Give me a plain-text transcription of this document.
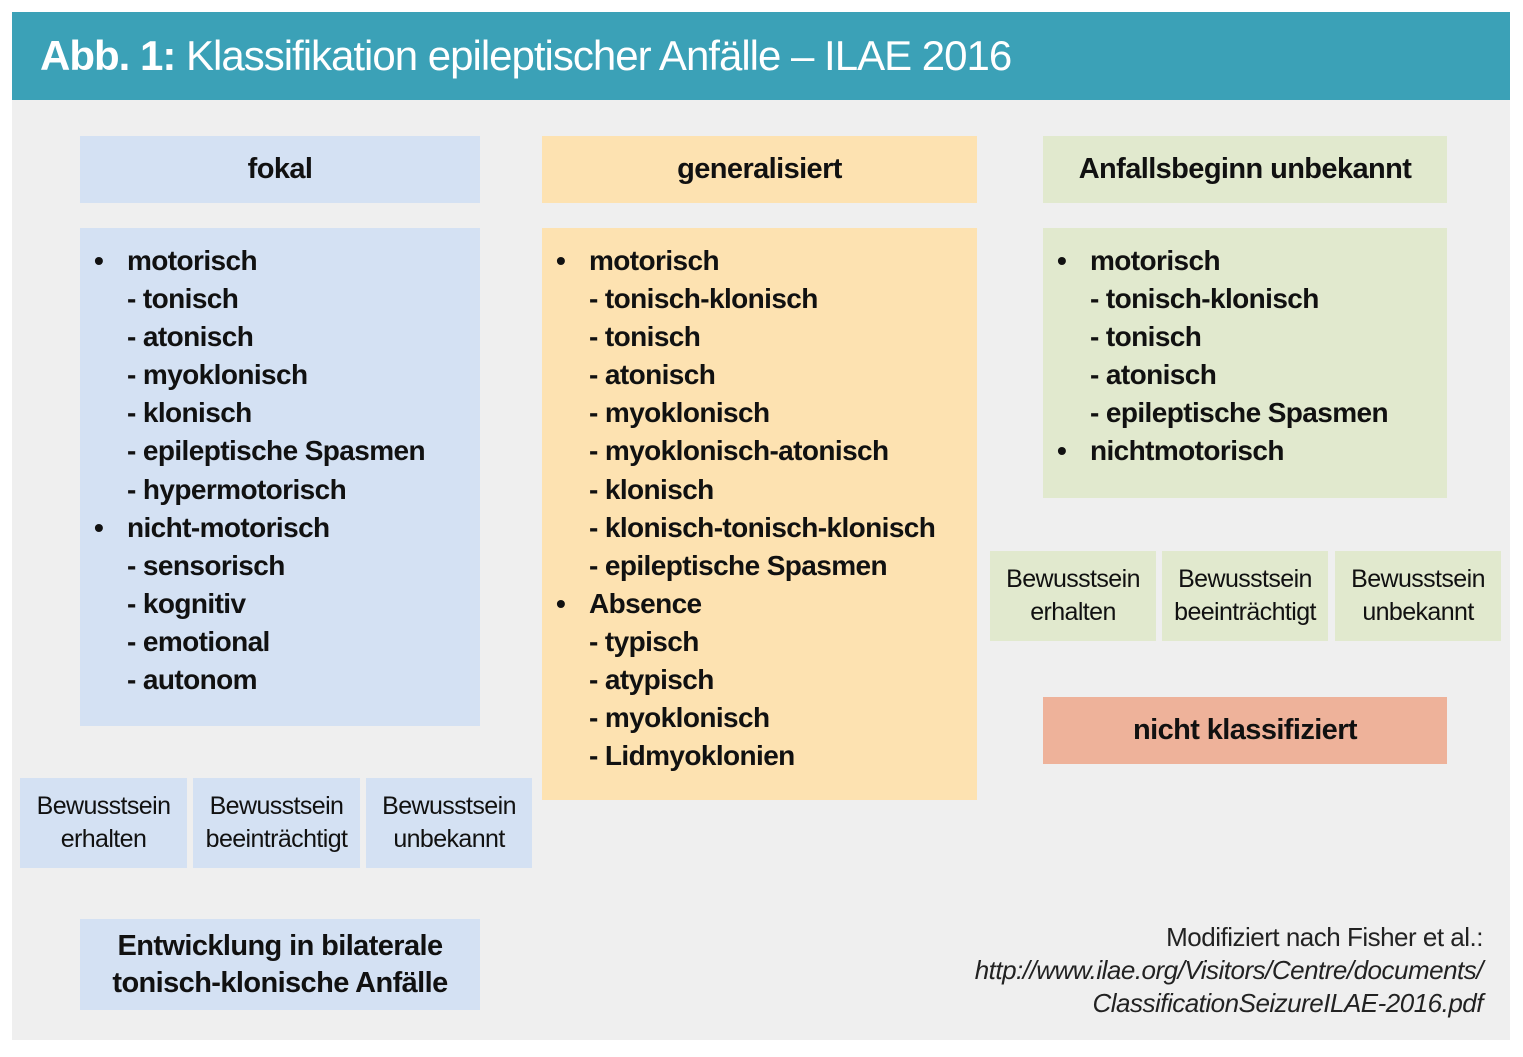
Abb. 1: Klassifikation epileptischer Anfälle – ILAE 2016
fokal	generalisiert	Anfallsbeginn unbekannt
• motorisch
- tonisch
- atonisch
- myoklonisch
- klonisch
- epileptische Spasmen
- hypermotorisch
• nicht-motorisch
- sensorisch
- kognitiv
- emotional
- autonom
• motorisch
- tonisch-klonisch
- tonisch
- atonisch
- myoklonisch
- myoklonisch-atonisch
- klonisch
- klonisch-tonisch-klonisch
- epileptische Spasmen
• Absence
- typisch
- atypisch
- myoklonisch
- Lidmyoklonien
• motorisch
- tonisch-klonisch
- tonisch
- atonisch
- epileptische Spasmen
• nichtmotorisch
Bewusstsein
erhalten
Bewusstsein
beeinträchtigt
Bewusstsein
unbekannt
Bewusstsein
erhalten
Bewusstsein
beeinträchtigt
Bewusstsein
unbekannt
nicht klassifiziert
Entwicklung in bilaterale
tonisch-klonische Anfälle
Modifiziert nach Fisher et al.:
http://www.ilae.org/Visitors/Centre/documents/
ClassificationSeizureILAE-2016.pdf
